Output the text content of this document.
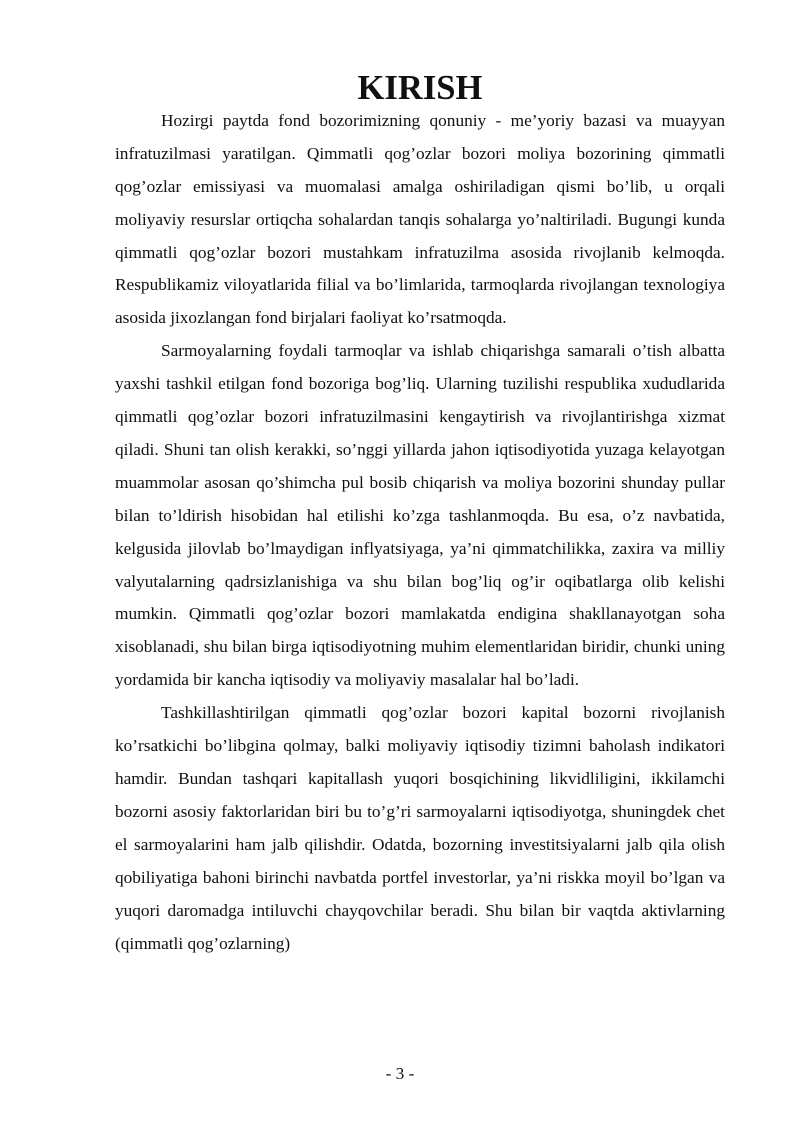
KIRISH

Hozirgi paytda fond bozorimizning qonuniy - me’yoriy bazasi va muayyan infratuzilmasi yaratilgan. Qimmatli qog’ozlar bozori moliya bozorining qimmatli qog’ozlar emissiyasi va muomalasi amalga oshiriladigan qismi bo’lib, u orqali moliyaviy resurslar ortiqcha sohalardan tanqis sohalarga yo’naltiriladi. Bugungi kunda qimmatli qog’ozlar bozori mustahkam infratuzilma asosida rivojlanib kelmoqda. Respublikamiz viloyatlarida filial va bo’limlarida, tarmoqlarda rivojlangan texnologiya asosida jixozlangan fond birjalari faoliyat ko’rsatmoqda.

Sarmoyalarning foydali tarmoqlar va ishlab chiqarishga samarali o’tish albatta yaxshi tashkil etilgan fond bozoriga bog’liq. Ularning tuzilishi respublika xududlarida qimmatli qog’ozlar bozori infratuzilmasini kengaytirish va rivojlantirishga xizmat qiladi. Shuni tan olish kerakki, so’nggi yillarda jahon iqtisodiyotida yuzaga kelayotgan muammolar asosan qo’shimcha pul bosib chiqarish va moliya bozorini shunday pullar bilan to’ldirish hisobidan hal etilishi ko’zga tashlanmoqda. Bu esa, o’z navbatida, kelgusida jilovlab bo’lmaydigan inflyatsiyaga, ya’ni qimmatchilikka, zaxira va milliy valyutalarning qadrsizlanishiga va shu bilan bog’liq og’ir oqibatlarga olib kelishi mumkin. Qimmatli qog’ozlar bozori mamlakatda endigina shakllanayotgan soha xisoblanadi, shu bilan birga iqtisodiyotning muhim elementlaridan biridir, chunki uning yordamida bir kancha iqtisodiy va moliyaviy masalalar hal bo’ladi.

Tashkillashtirilgan qimmatli qog’ozlar bozori kapital bozorni rivojlanish ko’rsatkichi bo’libgina qolmay, balki moliyaviy iqtisodiy tizimni baholash indikatori hamdir. Bundan tashqari kapitallash yuqori bosqichining likvidliligini, ikkilamchi bozorni asosiy faktorlaridan biri bu to’g’ri sarmoyalarni iqtisodiyotga, shuningdek chet el sarmoyalarini ham jalb qilishdir. Odatda, bozorning investitsiyalarni jalb qila olish qobiliyatiga bahoni birinchi navbatda portfel investorlar, ya’ni riskka moyil bo’lgan va yuqori daromadga intiluvchi chayqovchilar beradi. Shu bilan bir vaqtda aktivlarning (qimmatli qog’ozlarning)

- 3 -
